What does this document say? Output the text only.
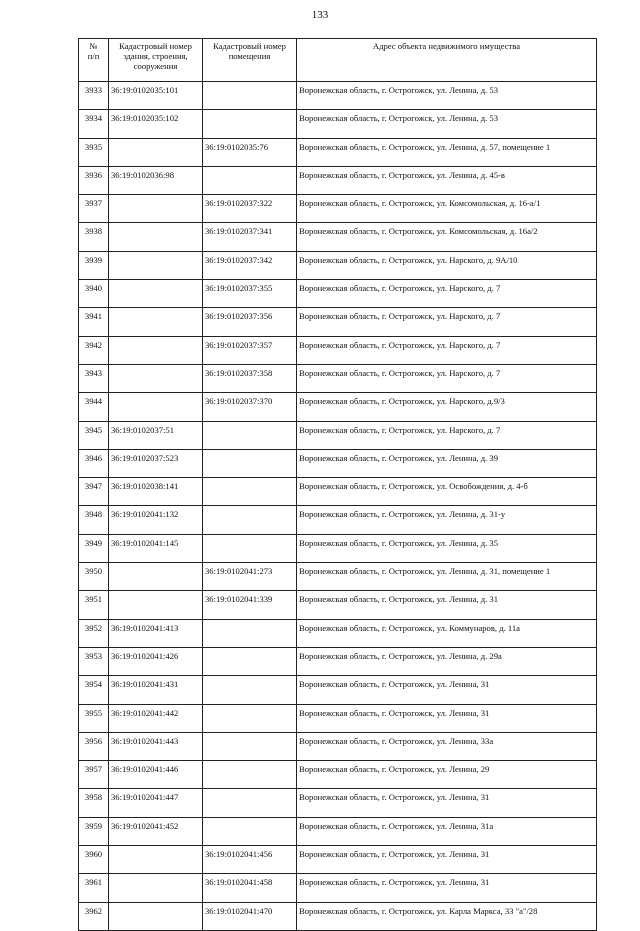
133
№
п/п	Кадастровый номер здания, строения, сооружения	Кадастровый номер помещения	Адрес объекта недвижимого имущества
3933	36:19:0102035:101		Воронежская область, г. Острогожск, ул. Ленина, д. 53
3934	36:19:0102035:102		Воронежская область, г. Острогожск, ул. Ленина, д. 53
3935		36:19:0102035:76	Воронежская область, г. Острогожск, ул. Ленина, д. 57, помещение 1
3936	36:19:0102036:98		Воронежская область, г. Острогожск, ул. Ленина, д. 45-в
3937		36:19:0102037:322	Воронежская область, г. Острогожск, ул. Комсомольская, д. 16-а/1
3938		36:19:0102037:341	Воронежская область, г. Острогожск, ул. Комсомольская, д. 16а/2
3939		36:19:0102037:342	Воронежская область, г. Острогожск, ул. Нарского, д. 9А/10
3940		36:19:0102037:355	Воронежская область, г. Острогожск, ул. Нарского, д. 7
3941		36:19:0102037:356	Воронежская область, г. Острогожск, ул. Нарского, д. 7
3942		36:19:0102037:357	Воронежская область, г. Острогожск, ул. Нарского, д. 7
3943		36:19:0102037:358	Воронежская область, г. Острогожск, ул. Нарского, д. 7
3944		36:19:0102037:370	Воронежская область, г. Острогожск, ул. Нарского, д.9/3
3945	36:19:0102037:51		Воронежская область, г. Острогожск, ул. Нарского, д. 7
3946	36:19:0102037:523		Воронежская область, г. Острогожск, ул. Ленина, д. 39
3947	36:19:0102038:141		Воронежская область, г. Острогожск, ул. Освобождения, д. 4-б
3948	36:19:0102041:132		Воронежская область, г. Острогожск, ул. Ленина, д. 31-у
3949	36:19:0102041:145		Воронежская область, г. Острогожск, ул. Ленина, д. 35
3950		36:19:0102041:273	Воронежская область, г. Острогожск, ул. Ленина, д. 31, помещение 1
3951		36:19:0102041:339	Воронежская область, г. Острогожск, ул. Ленина, д. 31
3952	36:19:0102041:413		Воронежская область, г. Острогожск, ул. Коммунаров, д. 11а
3953	36:19:0102041:426		Воронежская область, г. Острогожск, ул. Ленина, д. 29а
3954	36:19:0102041:431		Воронежская область, г. Острогожск, ул. Ленина, 31
3955	36:19:0102041:442		Воронежская область, г. Острогожск, ул. Ленина, 31
3956	36:19:0102041:443		Воронежская область, г. Острогожск, ул. Ленина, 33а
3957	36:19:0102041:446		Воронежская область, г. Острогожск, ул. Ленина, 29
3958	36:19:0102041:447		Воронежская область, г. Острогожск, ул. Ленина, 31
3959	36:19:0102041:452		Воронежская область, г. Острогожск, ул. Ленина, 31а
3960		36:19:0102041:456	Воронежская область, г. Острогожск, ул. Ленина, 31
3961		36:19:0102041:458	Воронежская область, г. Острогожск, ул. Ленина, 31
3962		36:19:0102041:470	Воронежская область, г. Острогожск, ул. Карла Маркса, 33 "а"/28
